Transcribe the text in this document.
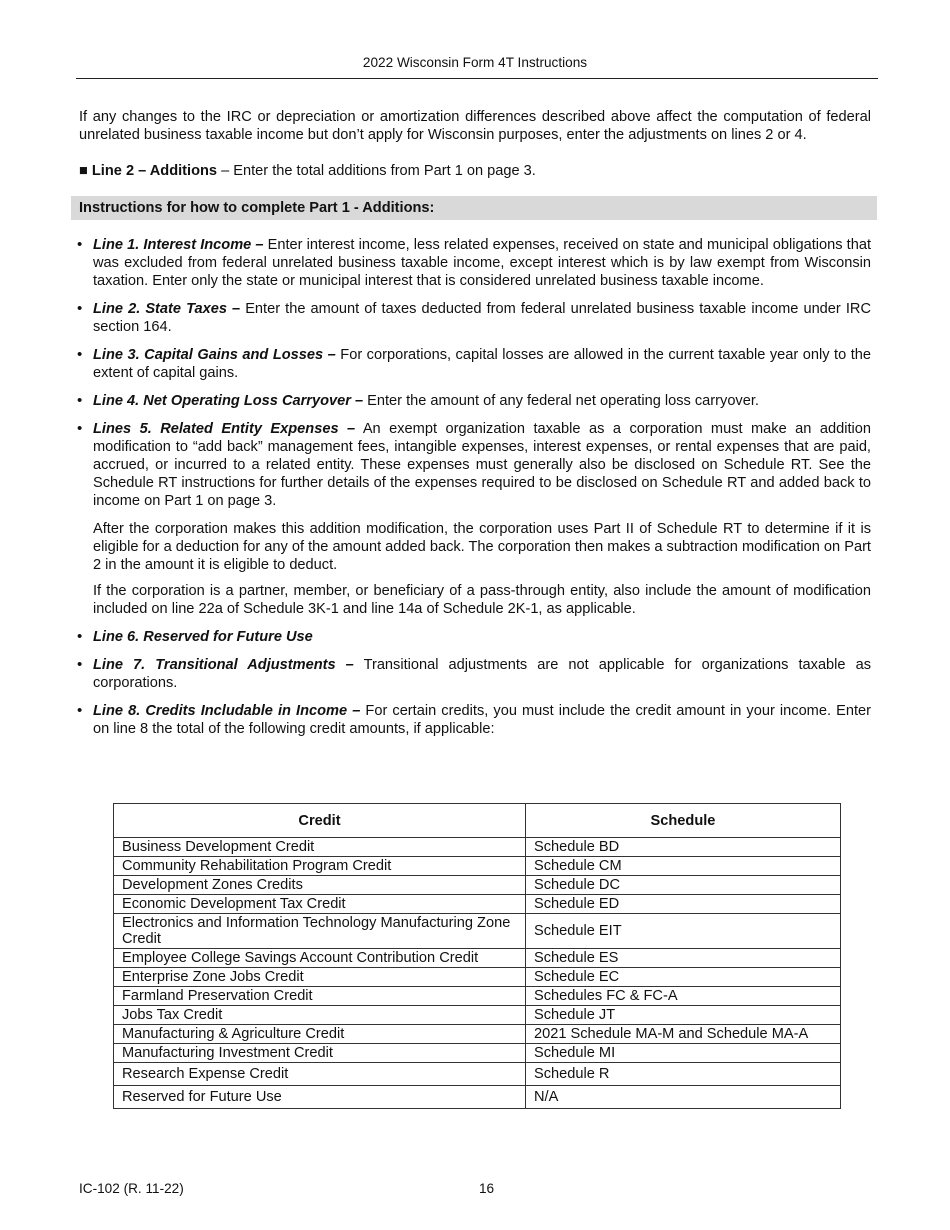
2022 Wisconsin Form 4T Instructions

If any changes to the IRC or depreciation or amortization differences described above affect the computation of federal unrelated business taxable income but don’t apply for Wisconsin purposes, enter the adjustments on lines 2 or 4.

■ Line 2 – Additions – Enter the total additions from Part 1 on page 3.

Instructions for how to complete Part 1 - Additions:

• Line 1. Interest Income – Enter interest income, less related expenses, received on state and municipal obligations that was excluded from federal unrelated business taxable income, except interest which is by law exempt from Wisconsin taxation. Enter only the state or municipal interest that is considered unrelated business taxable income.

• Line 2. State Taxes – Enter the amount of taxes deducted from federal unrelated business taxable income under IRC section 164.

• Line 3. Capital Gains and Losses – For corporations, capital losses are allowed in the current taxable year only to the extent of capital gains.

• Line 4. Net Operating Loss Carryover – Enter the amount of any federal net operating loss carryover.

• Lines 5. Related Entity Expenses – An exempt organization taxable as a corporation must make an addition modification to “add back” management fees, intangible expenses, interest expenses, or rental expenses that are paid, accrued, or incurred to a related entity. These expenses must generally also be disclosed on Schedule RT. See the Schedule RT instructions for further details of the expenses required to be disclosed on Schedule RT and added back to income on Part 1 on page 3.

After the corporation makes this addition modification, the corporation uses Part II of Schedule RT to determine if it is eligible for a deduction for any of the amount added back. The corporation then makes a subtraction modification on Part 2 in the amount it is eligible to deduct.

If the corporation is a partner, member, or beneficiary of a pass-through entity, also include the amount of modification included on line 22a of Schedule 3K-1 and line 14a of Schedule 2K-1, as applicable.

• Line 6. Reserved for Future Use

• Line 7. Transitional Adjustments – Transitional adjustments are not applicable for organizations taxable as corporations.

• Line 8. Credits Includable in Income – For certain credits, you must include the credit amount in your income. Enter on line 8 the total of the following credit amounts, if applicable:

Credit	Schedule
Business Development Credit	Schedule BD
Community Rehabilitation Program Credit	Schedule CM
Development Zones Credits	Schedule DC
Economic Development Tax Credit	Schedule ED
Electronics and Information Technology Manufacturing Zone Credit	Schedule EIT
Employee College Savings Account Contribution Credit	Schedule ES
Enterprise Zone Jobs Credit	Schedule EC
Farmland Preservation Credit	Schedules FC & FC-A
Jobs Tax Credit	Schedule JT
Manufacturing & Agriculture Credit	2021 Schedule MA-M and Schedule MA-A
Manufacturing Investment Credit	Schedule MI
Research Expense Credit	Schedule R
Reserved for Future Use	N/A
IC-102 (R. 11-22)	16
